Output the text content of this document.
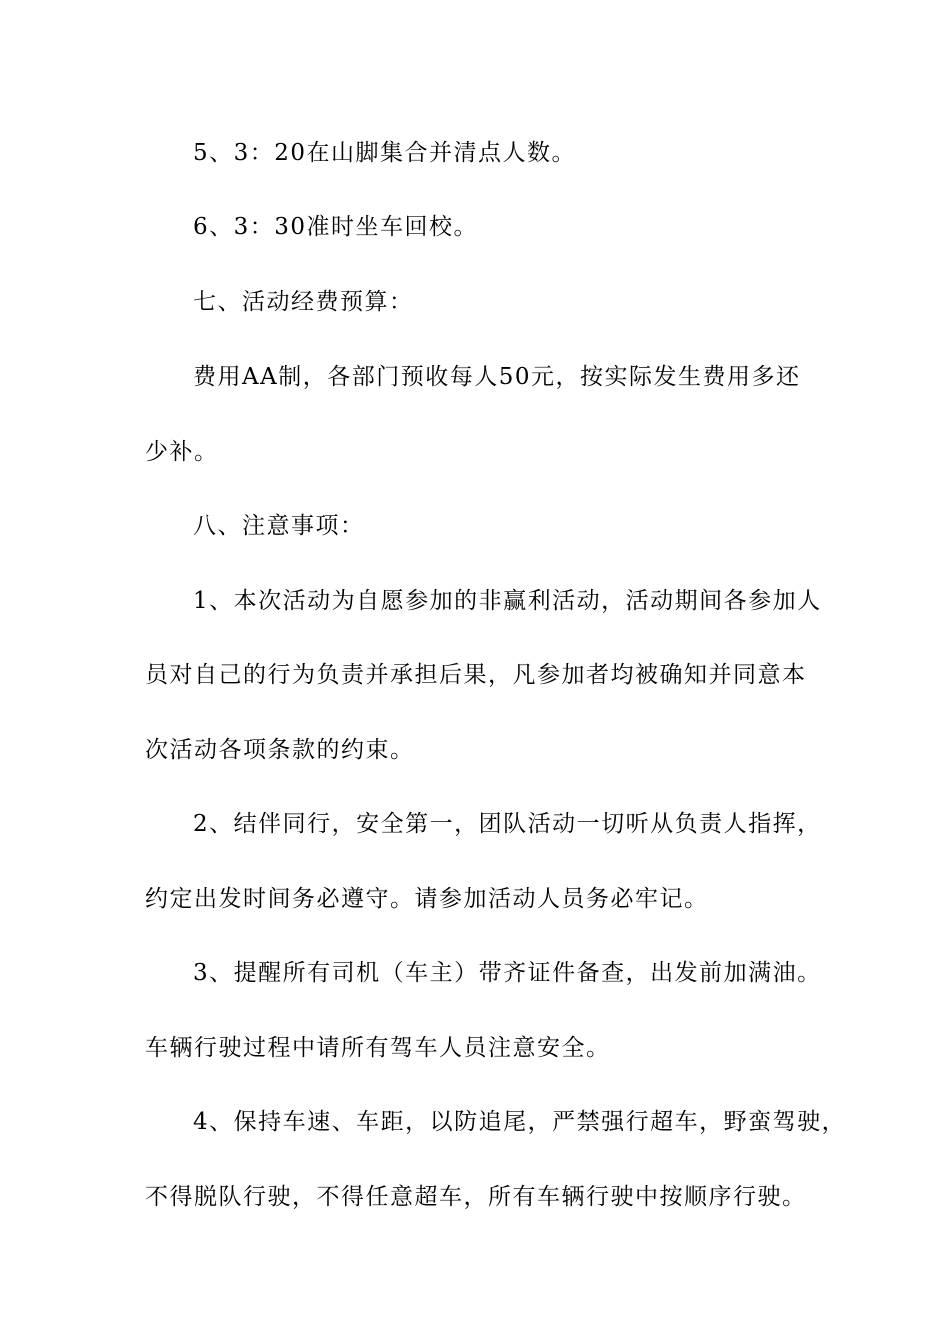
5、3：20在山脚集合并清点人数。
6、3：30准时坐车回校。
七、活动经费预算：
费用AA制，各部门预收每人50元，按实际发生费用多还
少补。
八、注意事项：
1、本次活动为自愿参加的非赢利活动，活动期间各参加人
员对自己的行为负责并承担后果，凡参加者均被确知并同意本
次活动各项条款的约束。
2、结伴同行，安全第一，团队活动一切听从负责人指挥，
约定出发时间务必遵守。请参加活动人员务必牢记。
3、提醒所有司机（车主）带齐证件备查，出发前加满油。
车辆行驶过程中请所有驾车人员注意安全。
4、保持车速、车距，以防追尾，严禁强行超车，野蛮驾驶，
不得脱队行驶，不得任意超车，所有车辆行驶中按顺序行驶。
